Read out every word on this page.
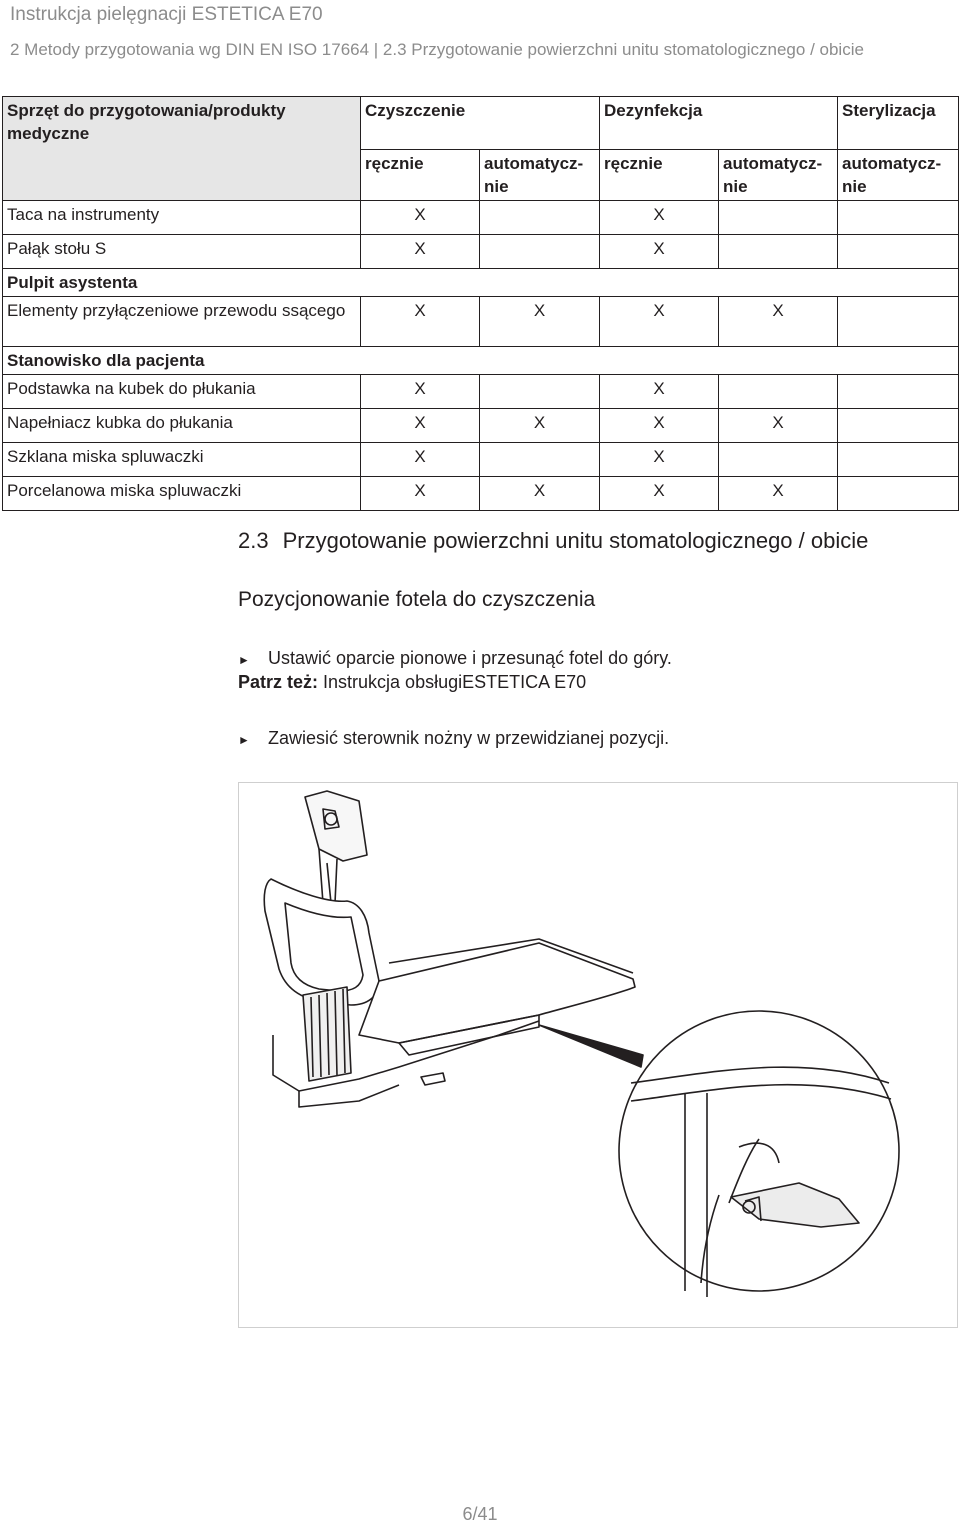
Instrukcja pielęgnacji ESTETICA E70
2 Metody przygotowania wg DIN EN ISO 17664 | 2.3 Przygotowanie powierzchni unitu stomatologicznego / obicie
Sprzęt do przygotowania/produkty medyczne	Czyszczenie		Dezynfekcja		Sterylizacja
	ręcznie	automatycz-nie	ręcznie	automatycz-nie	automatycz-nie
Taca na instrumenty	X		X		
Pałąk stołu S	X		X		
Pulpit asystenta					
Elementy przyłączeniowe przewodu ssącego	X	X	X	X	
Stanowisko dla pacjenta					
Podstawka na kubek do płukania	X		X		
Napełniacz kubka do płukania	X	X	X	X	
Szklana miska spluwaczki	X		X		
Porcelanowa miska spluwaczki	X	X	X	X	
2.3 Przygotowanie powierzchni unitu stomatologicznego / obicie
Pozycjonowanie fotela do czyszczenia
►	Ustawić oparcie pionowe i przesunąć fotel do góry.
Patrz też: Instrukcja obsługiESTETICA E70
►	Zawiesić sterownik nożny w przewidzianej pozycji.
6/41
